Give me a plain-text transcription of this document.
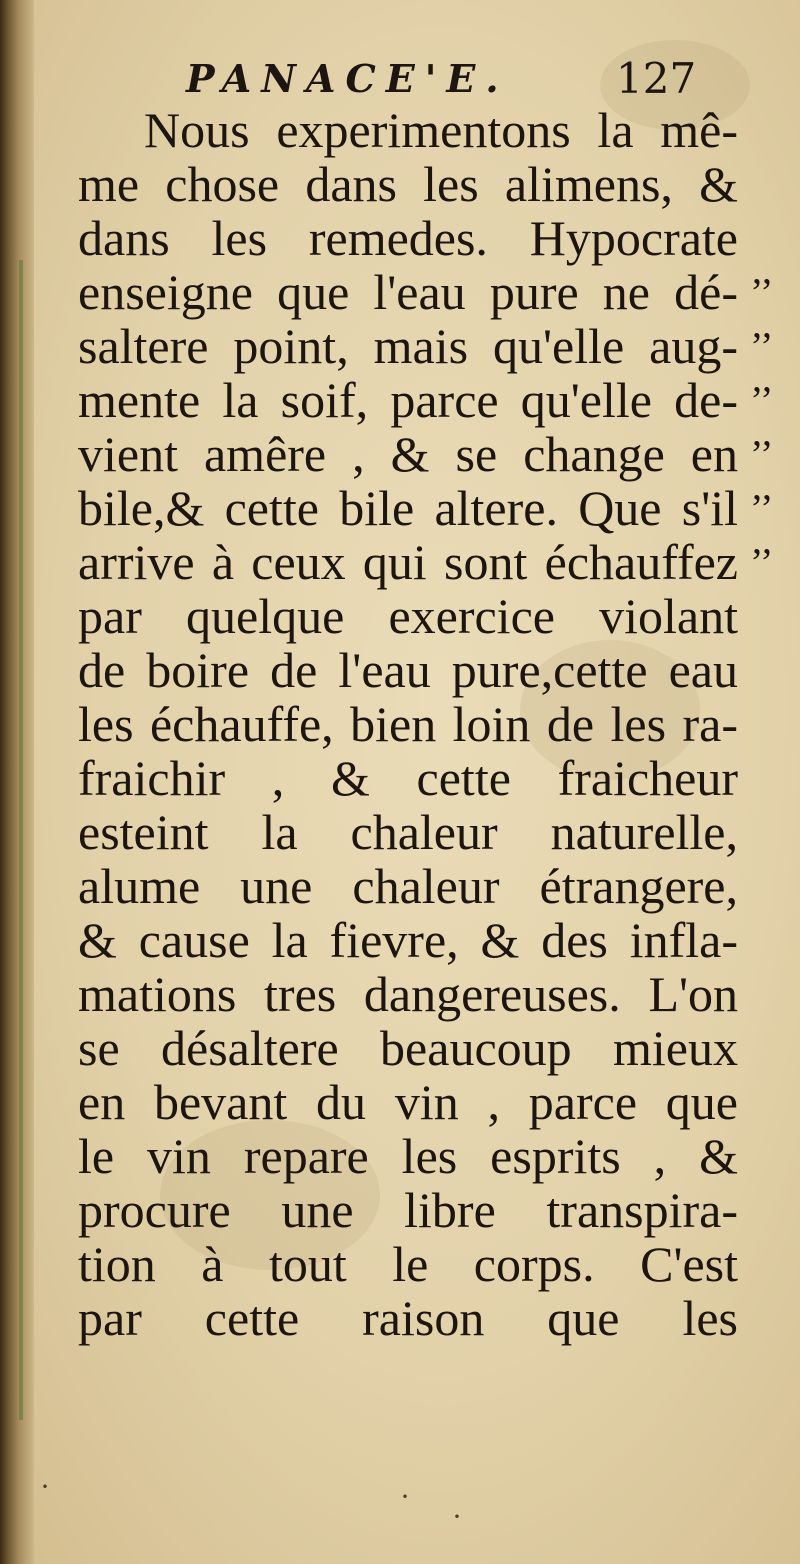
PANACE'E.	127
Nous experimentons la mê-
me chose dans les alimens, &
dans les remedes. Hypocrate
enseigne que l'eau pure ne dé-
saltere point, mais qu'elle aug-
mente la soif, parce qu'elle de-
vient amêre , & se change en
bile,& cette bile altere. Que s'il
arrive à ceux qui sont échauffez
par quelque exercice violant
de boire de l'eau pure,cette eau
les échauffe, bien loin de les ra-
fraichir , & cette fraicheur
esteint la chaleur naturelle,
alume une chaleur étrangere,
& cause la fievre, & des infla-
mations tres dangereuses. L'on
se désaltere beaucoup mieux
en bevant du vin , parce que
le vin repare les esprits , &
procure une libre transpira-
tion à tout le corps. C'est
par cette raison que les
,,
,,
,,
,,
,,
,,
·
·
·
